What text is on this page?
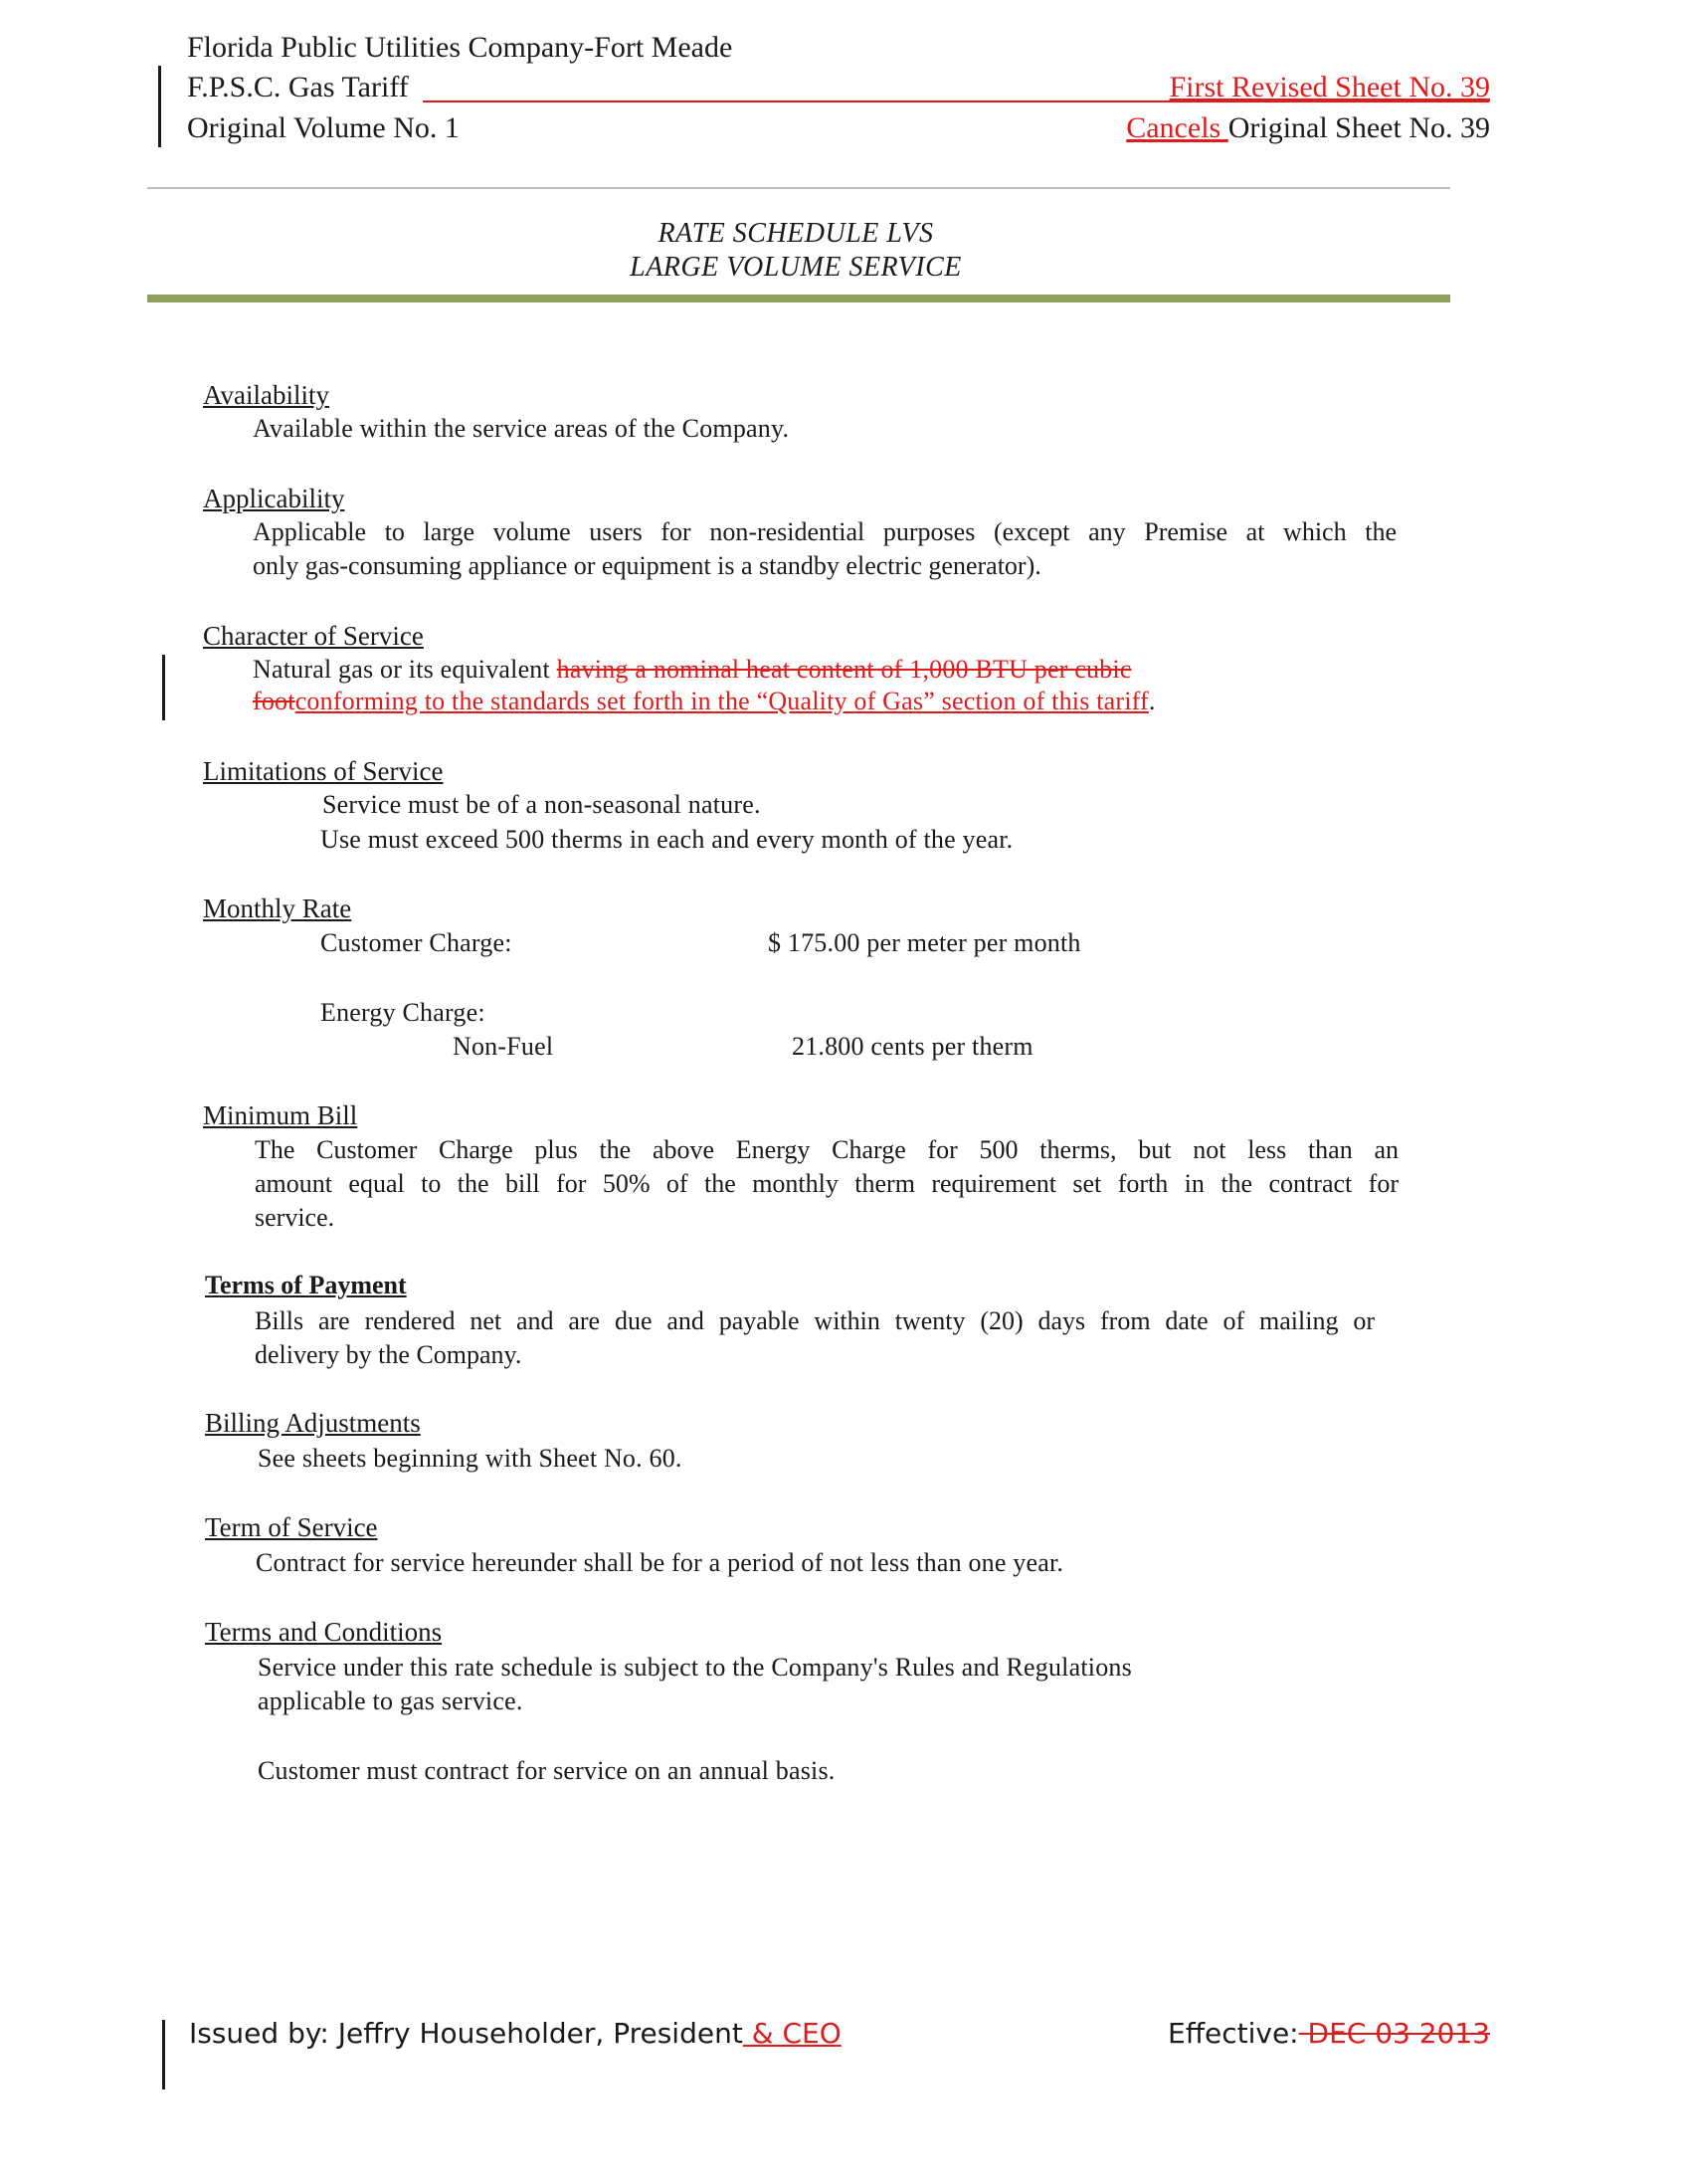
Florida Public Utilities Company-Fort Meade
F.P.S.C. Gas Tariff	First Revised Sheet No. 39
Original Volume No. 1	Cancels Original Sheet No. 39
RATE SCHEDULE LVS
LARGE VOLUME SERVICE
Availability
Available within the service areas of the Company.
Applicability
Applicable to large volume users for non-residential purposes (except any Premise at which the
only gas-consuming appliance or equipment is a standby electric generator).
Character of Service
Natural gas or its equivalent having a nominal heat content of 1,000 BTU per cubic
footconforming to the standards set forth in the “Quality of Gas” section of this tariff.
Limitations of Service
Service must be of a non-seasonal nature.
Use must exceed 500 therms in each and every month of the year.
Monthly Rate
Customer Charge:	$ 175.00 per meter per month
Energy Charge:
Non-Fuel	21.800 cents per therm
Minimum Bill
The Customer Charge plus the above Energy Charge for 500 therms, but not less than an
amount equal to the bill for 50% of the monthly therm requirement set forth in the contract for
service.
Terms of Payment
Bills are rendered net and are due and payable within twenty (20) days from date of mailing or
delivery by the Company.
Billing Adjustments
See sheets beginning with Sheet No. 60.
Term of Service
Contract for service hereunder shall be for a period of not less than one year.
Terms and Conditions
Service under this rate schedule is subject to the Company's Rules and Regulations
applicable to gas service.
Customer must contract for service on an annual basis.
Issued by: Jeffry Householder, President & CEO	Effective: DEC 03 2013
